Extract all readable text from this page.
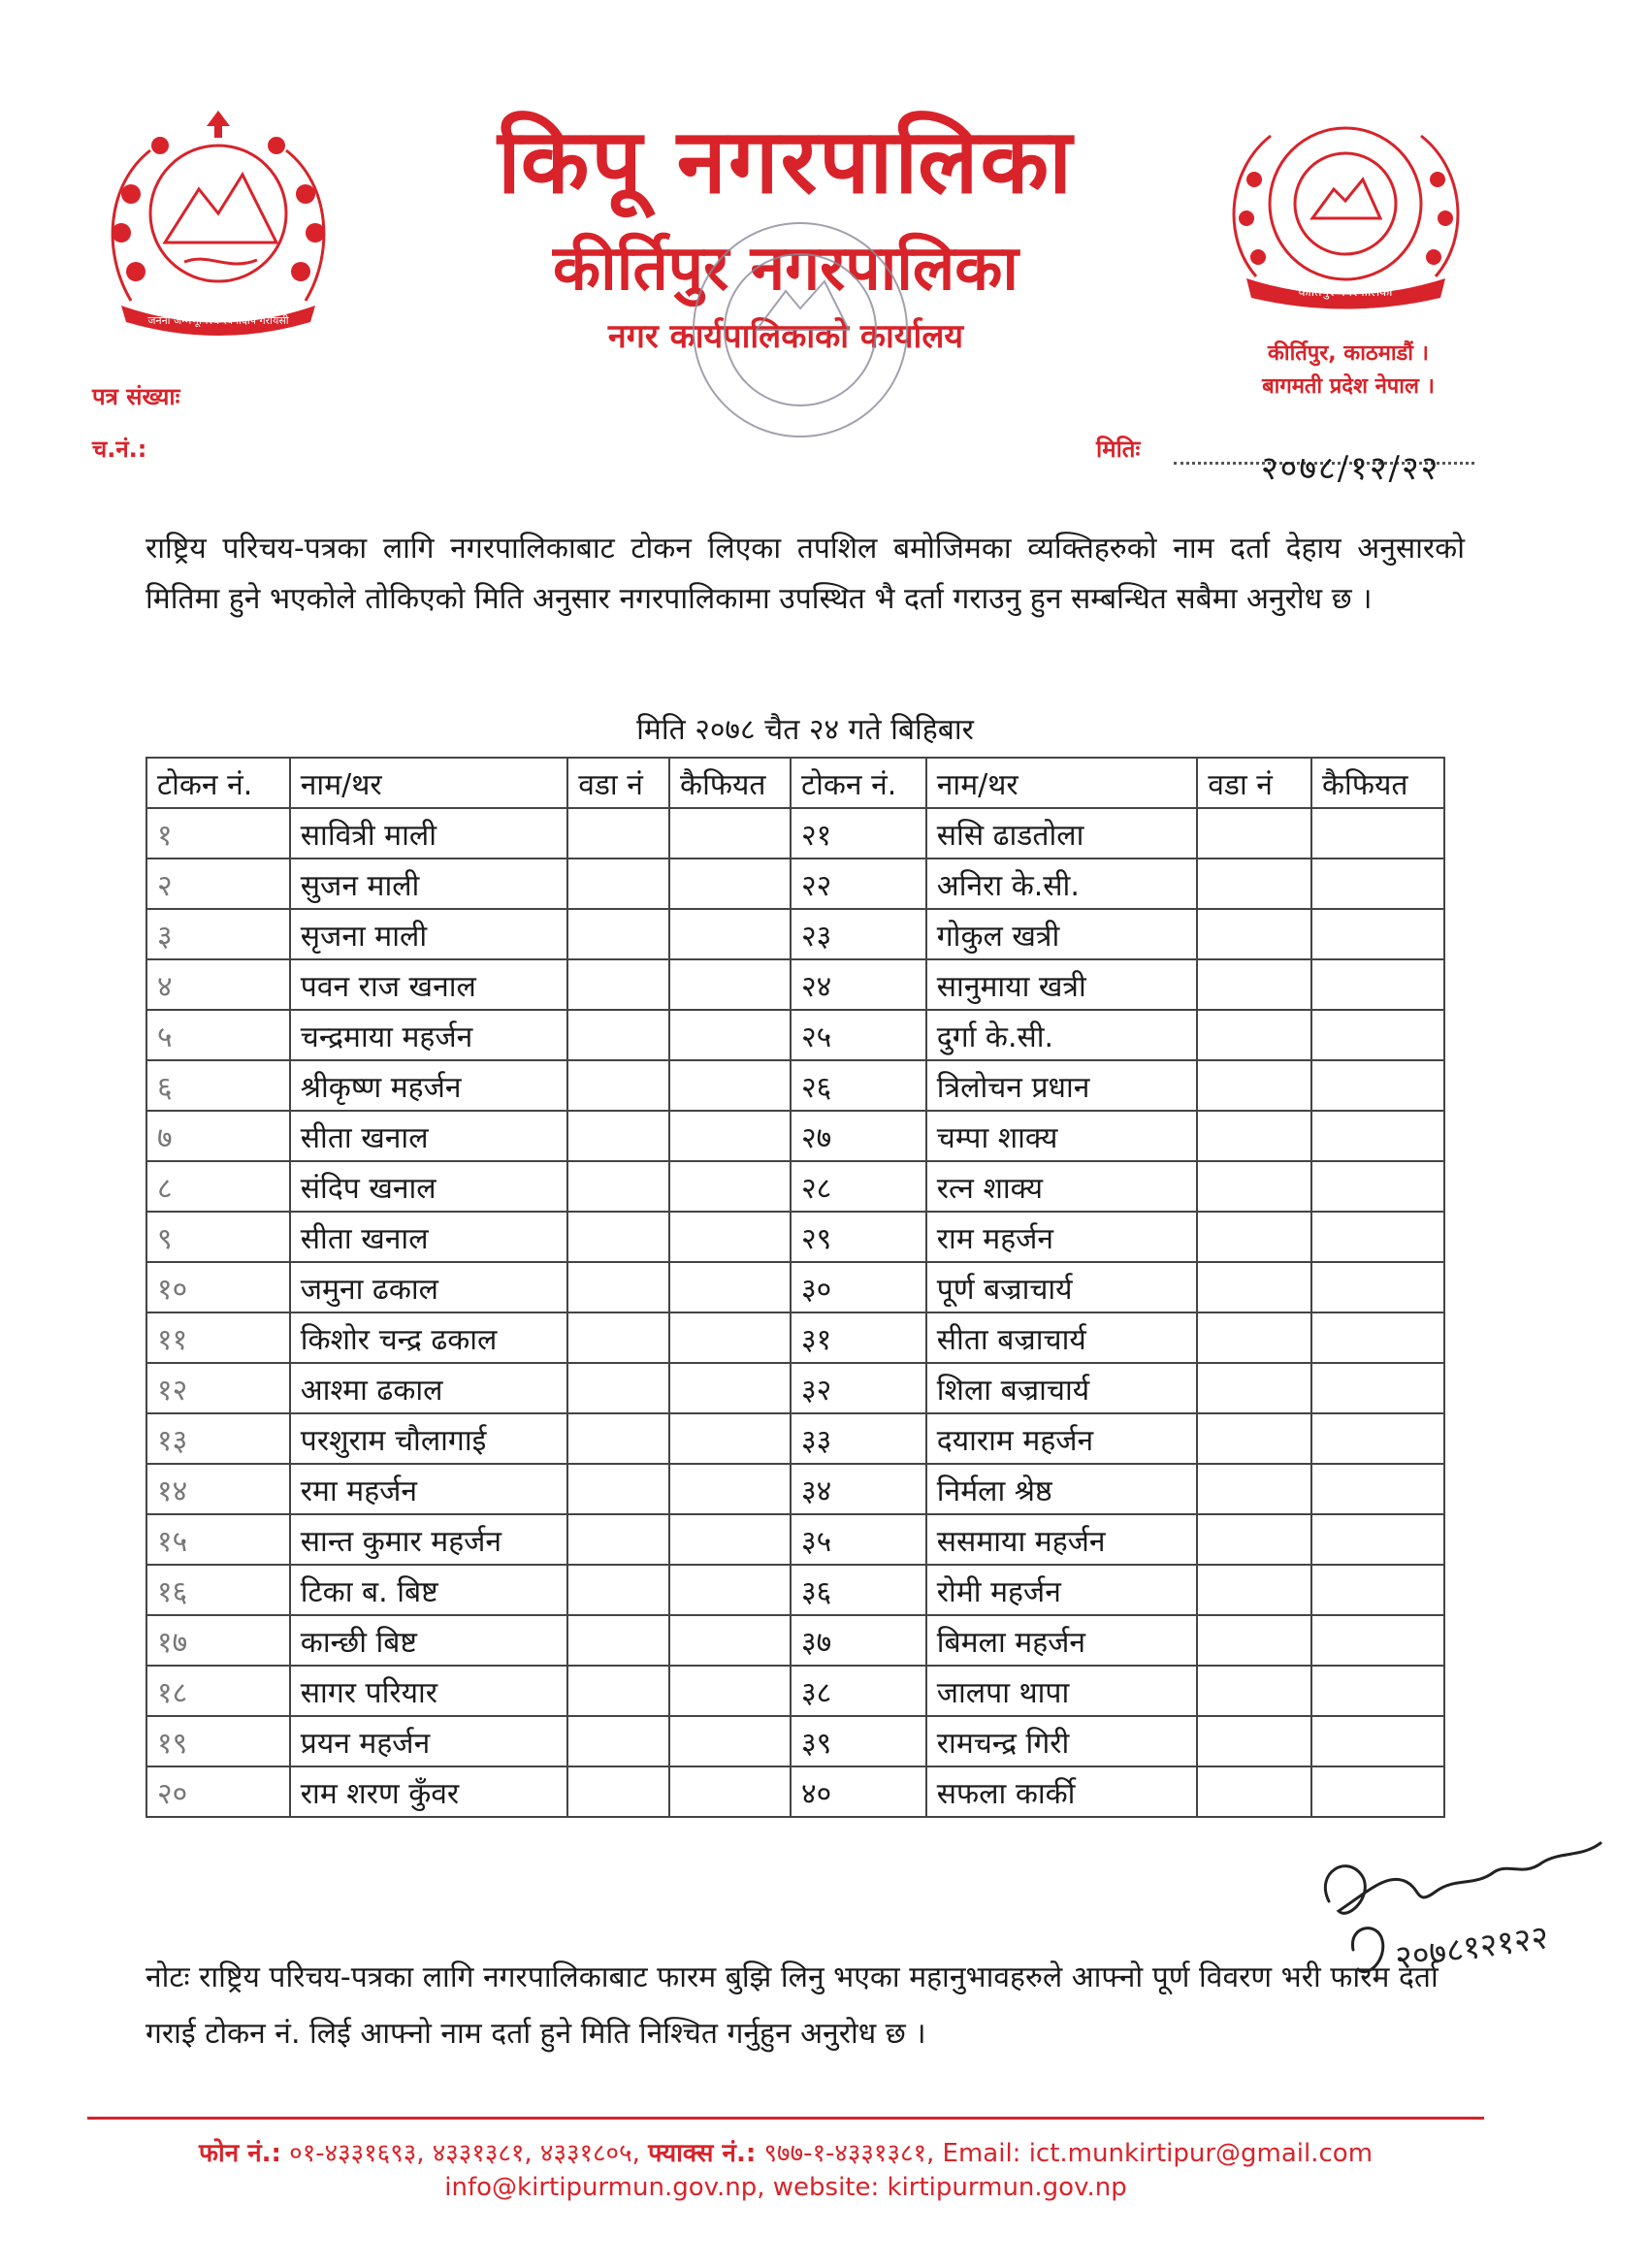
जननी जन्मभूमिश्च स्वर्गादपि गरीयसी
किपू नगरपालिका
कीर्तिपुर नगरपालिका
नगर कार्यपालिकाको कार्यालय
कीर्तिपुर नगरपालिका
कीर्तिपुर, काठमाडौं ।
बागमती प्रदेश नेपाल ।
पत्र संख्याः
च.नं.:	मितिः	२०७८/१२/२२
राष्ट्रिय परिचय-पत्रका लागि नगरपालिकाबाट टोकन लिएका तपशिल बमोजिमका व्यक्तिहरुको नाम दर्ता देहाय अनुसारको मितिमा हुने भएकोले तोकिएको मिति अनुसार नगरपालिकामा उपस्थित भै दर्ता गराउनु हुन सम्बन्धित सबैमा अनुरोध छ ।
मिति २०७८ चैत २४ गते बिहिबार
टोकन नं.	नाम/थर	वडा नं	कैफियत	टोकन नं.	नाम/थर	वडा नं	कैफियत
१	सावित्री माली			२१	ससि ढाडतोला		
२	सुजन माली			२२	अनिरा के.सी.		
३	सृजना माली			२३	गोकुल खत्री		
४	पवन राज खनाल			२४	सानुमाया खत्री		
५	चन्द्रमाया महर्जन			२५	दुर्गा के.सी.		
६	श्रीकृष्ण महर्जन			२६	त्रिलोचन प्रधान		
७	सीता खनाल			२७	चम्पा शाक्य		
८	संदिप खनाल			२८	रत्न शाक्य		
९	सीता खनाल			२९	राम महर्जन		
१०	जमुना ढकाल			३०	पूर्ण बज्राचार्य		
११	किशोर चन्द्र ढकाल			३१	सीता बज्राचार्य		
१२	आश्मा ढकाल			३२	शिला बज्राचार्य		
१३	परशुराम चौलागाई			३३	दयाराम महर्जन		
१४	रमा महर्जन			३४	निर्मला श्रेष्ठ		
१५	सान्त कुमार महर्जन			३५	ससमाया महर्जन		
१६	टिका ब. बिष्ट			३६	रोमी महर्जन		
१७	कान्छी बिष्ट			३७	बिमला महर्जन		
१८	सागर परियार			३८	जालपा थापा		
१९	प्रयन महर्जन			३९	रामचन्द्र गिरी		
२०	राम शरण कुँवर			४०	सफला कार्की		
नोटः राष्ट्रिय परिचय-पत्रका लागि नगरपालिकाबाट फारम बुझि लिनु भएका महानुभावहरुले आफ्नो पूर्ण विवरण भरी फारम दर्ता गराई टोकन नं. लिई आफ्नो नाम दर्ता हुने मिति निश्चित गर्नुहुन अनुरोध छ ।
२०७८१२१२२
फोन नं.: ०१-४३३१६९३, ४३३१३८१, ४३३१८०५, फ्याक्स नं.: ९७७-१-४३३१३८१, Email: ict.munkirtipur@gmail.com
info@kirtipurmun.gov.np, website: kirtipurmun.gov.np
